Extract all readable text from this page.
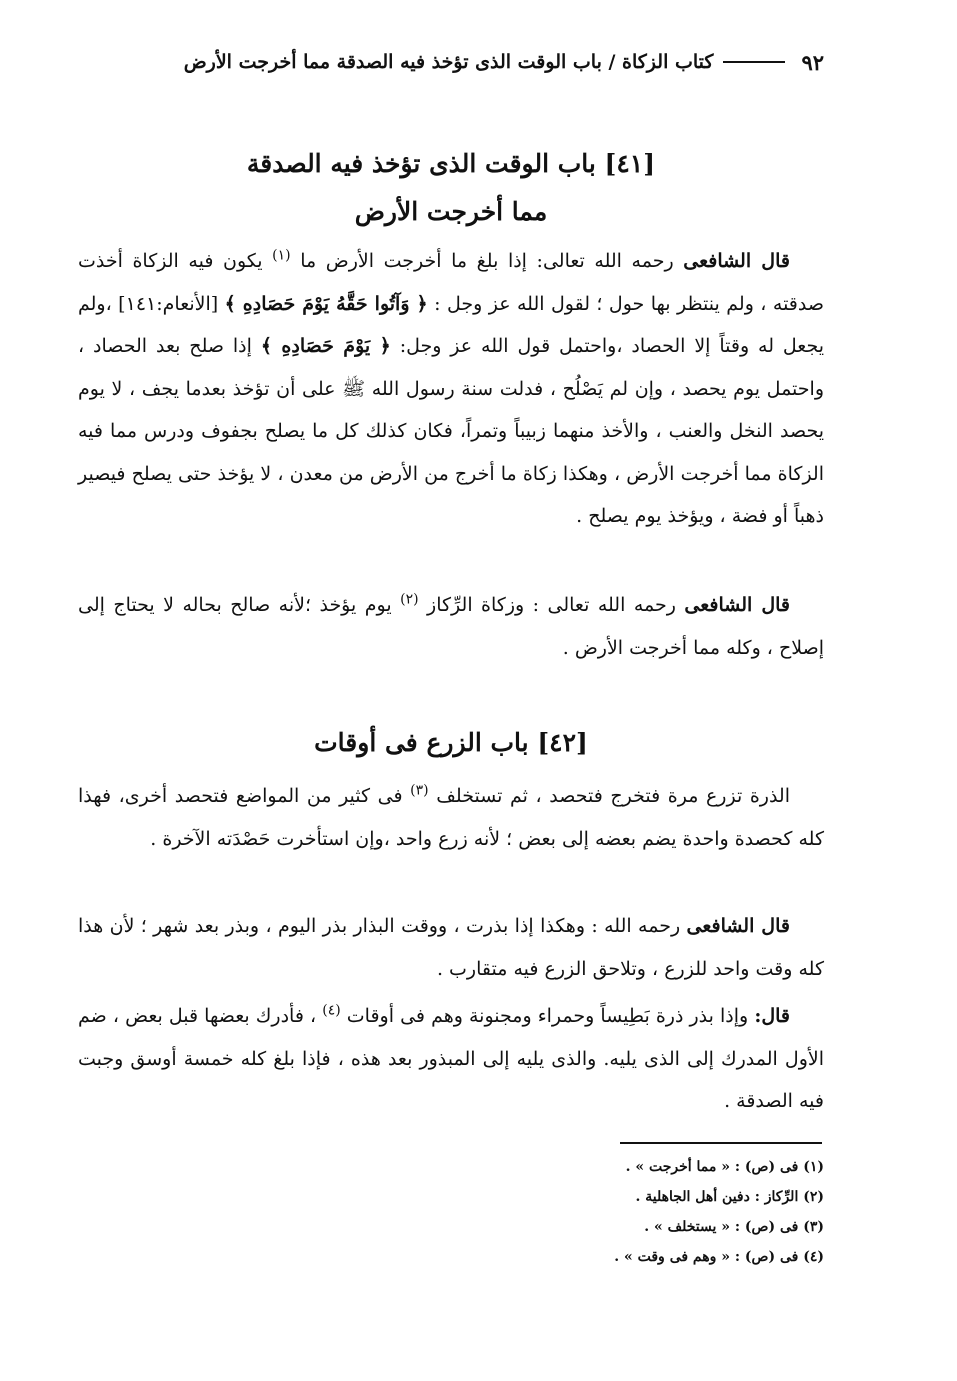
٩٢
كتاب الزكاة / باب الوقت الذى تؤخذ فيه الصدقة مما أخرجت الأرض
[٤١] باب الوقت الذى تؤخذ فيه الصدقة
مما أخرجت الأرض

قال الشافعى رحمه الله تعالى: إذا بلغ ما أخرجت الأرض ما $^{(١)}$ يكون فيه الزكاة أخذت صدقته ، ولم ينتظر بها حول ؛ لقول الله عز وجل : ﴿ وَآتُوا حَقَّهُ يَوْمَ حَصَادِهِ ﴾ [الأنعام:١٤١] ،ولم يجعل له وقتاً إلا الحصاد ،واحتمل قول الله عز وجل: ﴿ يَوْمَ حَصَادِهِ ﴾ إذا صلح بعد الحصاد ، واحتمل يوم يحصد ، وإن لم يَصْلُح ، فدلت سنة رسول الله ﷺ على أن تؤخذ بعدما يجف ، لا يوم يحصد النخل والعنب ، والأخذ منهما زبيباً وتمراً، فكان كذلك كل ما يصلح بجفوف ودرس مما فيه الزكاة مما أخرجت الأرض ، وهكذا زكاة ما أخرج من الأرض من معدن ، لا يؤخذ حتى يصلح فيصير ذهباً أو فضة ، ويؤخذ يوم يصلح .

قال الشافعى رحمه الله تعالى : وزكاة الرِّكاز $^{(٢)}$ يوم يؤخذ ؛لأنه صالح بحاله لا يحتاج إلى إصلاح ، وكله مما أخرجت الأرض .

[٤٢] باب الزرع فى أوقات

الذرة تزرع مرة فتخرج فتحصد ، ثم تستخلف $^{(٣)}$ فى كثير من المواضع فتحصد أخرى، فهذا كله كحصدة واحدة يضم بعضه إلى بعض ؛ لأنه زرع واحد ،وإن استأخرت حَصْدَته الآخرة .

قال الشافعى رحمه الله : وهكذا إذا بذرت ، ووقت البذار بذر اليوم ، وبذر بعد شهر ؛ لأن هذا كله وقت واحد للزرع ، وتلاحق الزرع فيه متقارب .

قال: وإذا بذر ذرة بَطِيساً وحمراء ومجنونة وهم فى أوقات $^{(٤)}$ ، فأدرك بعضها قبل بعض ، ضم الأول المدرك إلى الذى يليه. والذى يليه إلى المبذور بعد هذه ، فإذا بلغ كله خمسة أوسق وجبت فيه الصدقة .

(١) فى (ص) : « مما أخرجت » .
(٢) الرِّكاز : دفين أهل الجاهلية .
(٣) فى (ص) : « يستخلف » .
(٤) فى (ص) : « وهم فى وقت » .
